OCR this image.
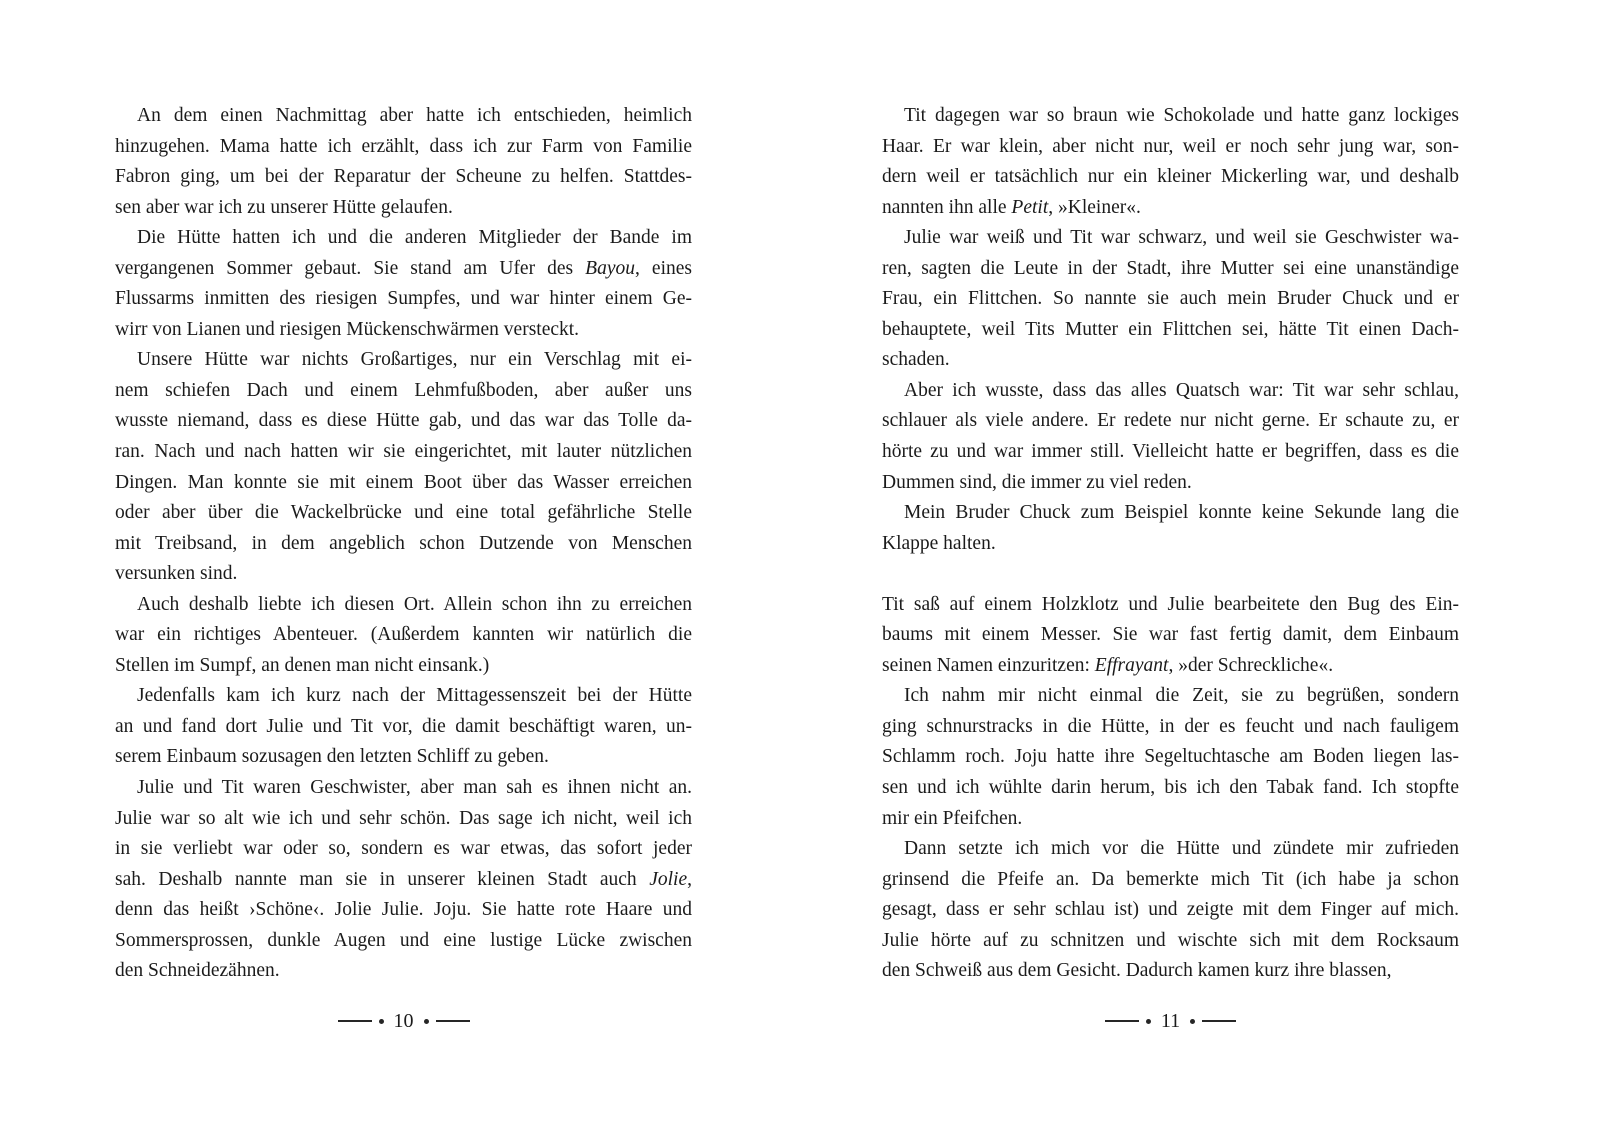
An dem einen Nachmittag aber hatte ich entschieden, heimlich
hinzugehen. Mama hatte ich erzählt, dass ich zur Farm von Familie
Fabron ging, um bei der Reparatur der Scheune zu helfen. Stattdes-
sen aber war ich zu unserer Hütte gelaufen.
Die Hütte hatten ich und die anderen Mitglieder der Bande im
vergangenen Sommer gebaut. Sie stand am Ufer des Bayou, eines
Flussarms inmitten des riesigen Sumpfes, und war hinter einem Ge-
wirr von Lianen und riesigen Mückenschwärmen versteckt.
Unsere Hütte war nichts Großartiges, nur ein Verschlag mit ei-
nem schiefen Dach und einem Lehmfußboden, aber außer uns
wusste niemand, dass es diese Hütte gab, und das war das Tolle da-
ran. Nach und nach hatten wir sie eingerichtet, mit lauter nützlichen
Dingen. Man konnte sie mit einem Boot über das Wasser erreichen
oder aber über die Wackelbrücke und eine total gefährliche Stelle
mit Treibsand, in dem angeblich schon Dutzende von Menschen
versunken sind.
Auch deshalb liebte ich diesen Ort. Allein schon ihn zu erreichen
war ein richtiges Abenteuer. (Außerdem kannten wir natürlich die
Stellen im Sumpf, an denen man nicht einsank.)
Jedenfalls kam ich kurz nach der Mittagessenszeit bei der Hütte
an und fand dort Julie und Tit vor, die damit beschäftigt waren, un-
serem Einbaum sozusagen den letzten Schliff zu geben.
Julie und Tit waren Geschwister, aber man sah es ihnen nicht an.
Julie war so alt wie ich und sehr schön. Das sage ich nicht, weil ich
in sie verliebt war oder so, sondern es war etwas, das sofort jeder
sah. Deshalb nannte man sie in unserer kleinen Stadt auch Jolie,
denn das heißt ›Schöne‹. Jolie Julie. Joju. Sie hatte rote Haare und
Sommersprossen, dunkle Augen und eine lustige Lücke zwischen
den Schneidezähnen.
10
Tit dagegen war so braun wie Schokolade und hatte ganz lockiges
Haar. Er war klein, aber nicht nur, weil er noch sehr jung war, son-
dern weil er tatsächlich nur ein kleiner Mickerling war, und deshalb
nannten ihn alle Petit, »Kleiner«.
Julie war weiß und Tit war schwarz, und weil sie Geschwister wa-
ren, sagten die Leute in der Stadt, ihre Mutter sei eine unanständige
Frau, ein Flittchen. So nannte sie auch mein Bruder Chuck und er
behauptete, weil Tits Mutter ein Flittchen sei, hätte Tit einen Dach-
schaden.
Aber ich wusste, dass das alles Quatsch war: Tit war sehr schlau,
schlauer als viele andere. Er redete nur nicht gerne. Er schaute zu, er
hörte zu und war immer still. Vielleicht hatte er begriffen, dass es die
Dummen sind, die immer zu viel reden.
Mein Bruder Chuck zum Beispiel konnte keine Sekunde lang die
Klappe halten.
Tit saß auf einem Holzklotz und Julie bearbeitete den Bug des Ein-
baums mit einem Messer. Sie war fast fertig damit, dem Einbaum
seinen Namen einzuritzen: Effrayant, »der Schreckliche«.
Ich nahm mir nicht einmal die Zeit, sie zu begrüßen, sondern
ging schnurstracks in die Hütte, in der es feucht und nach fauligem
Schlamm roch. Joju hatte ihre Segeltuchtasche am Boden liegen las-
sen und ich wühlte darin herum, bis ich den Tabak fand. Ich stopfte
mir ein Pfeifchen.
Dann setzte ich mich vor die Hütte und zündete mir zufrieden
grinsend die Pfeife an. Da bemerkte mich Tit (ich habe ja schon
gesagt, dass er sehr schlau ist) und zeigte mit dem Finger auf mich.
Julie hörte auf zu schnitzen und wischte sich mit dem Rocksaum
den Schweiß aus dem Gesicht. Dadurch kamen kurz ihre blassen,
11
